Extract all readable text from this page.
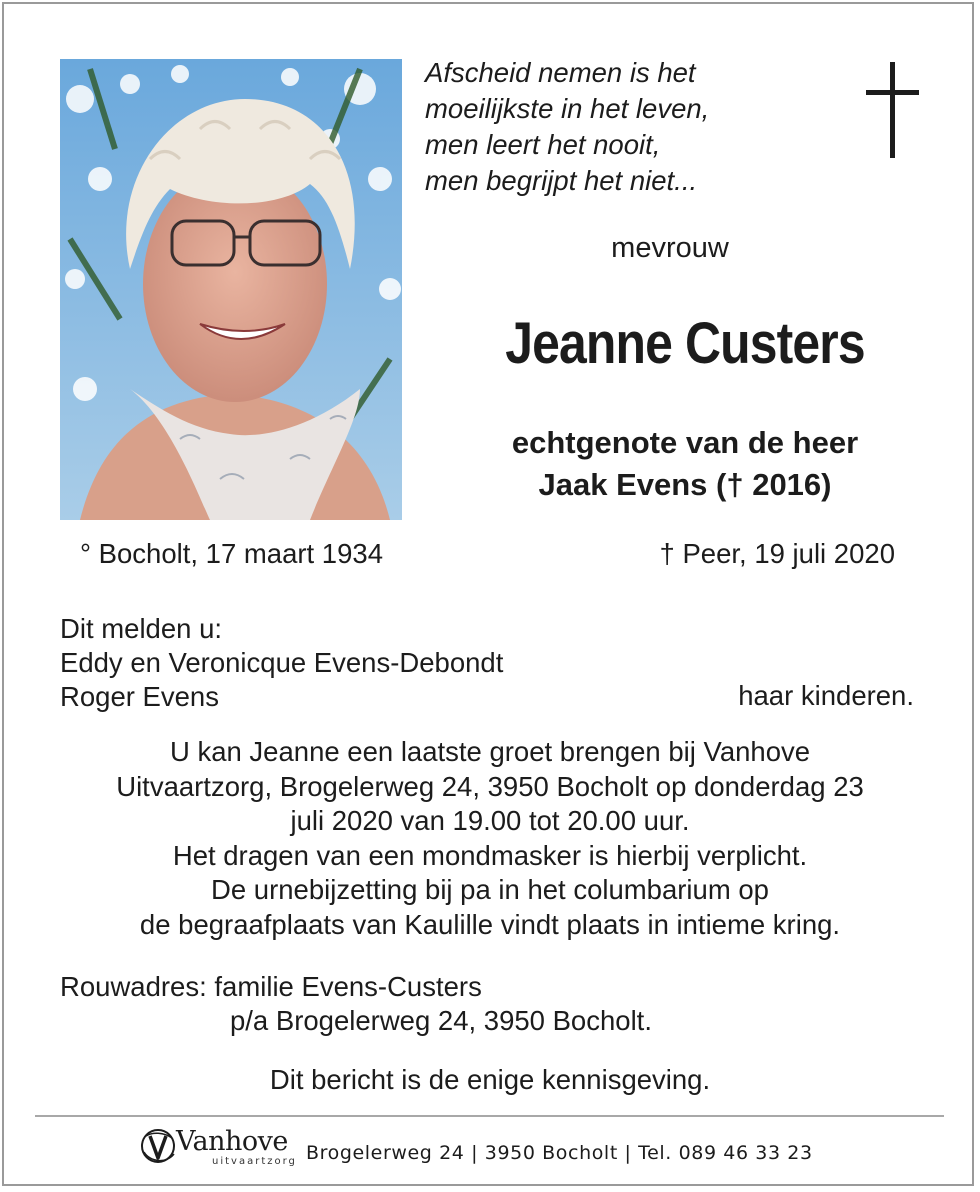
Afscheid nemen is het
moeilijkste in het leven,
men leert het nooit,
men begrijpt het niet...
mevrouw
Jeanne Custers
echtgenote van de heer
Jaak Evens († 2016)
° Bocholt, 17 maart 1934	† Peer, 19 juli 2020
Dit melden u:
Eddy en Veronicque Evens-Debondt
Roger Evens	haar kinderen.
U kan Jeanne een laatste groet brengen bij Vanhove
Uitvaartzorg, Brogelerweg 24, 3950 Bocholt op donderdag 23
juli 2020 van 19.00 tot 20.00 uur.
Het dragen van een mondmasker is hierbij verplicht.
De urnebijzetting bij pa in het columbarium op
de begraafplaats van Kaulille vindt plaats in intieme kring.
Rouwadres: familie Evens-Custers
p/a Brogelerweg 24, 3950 Bocholt.
Dit bericht is de enige kennisgeving.
Vanhove
uitvaartzorg Brogelerweg 24 | 3950 Bocholt | Tel. 089 46 33 23
